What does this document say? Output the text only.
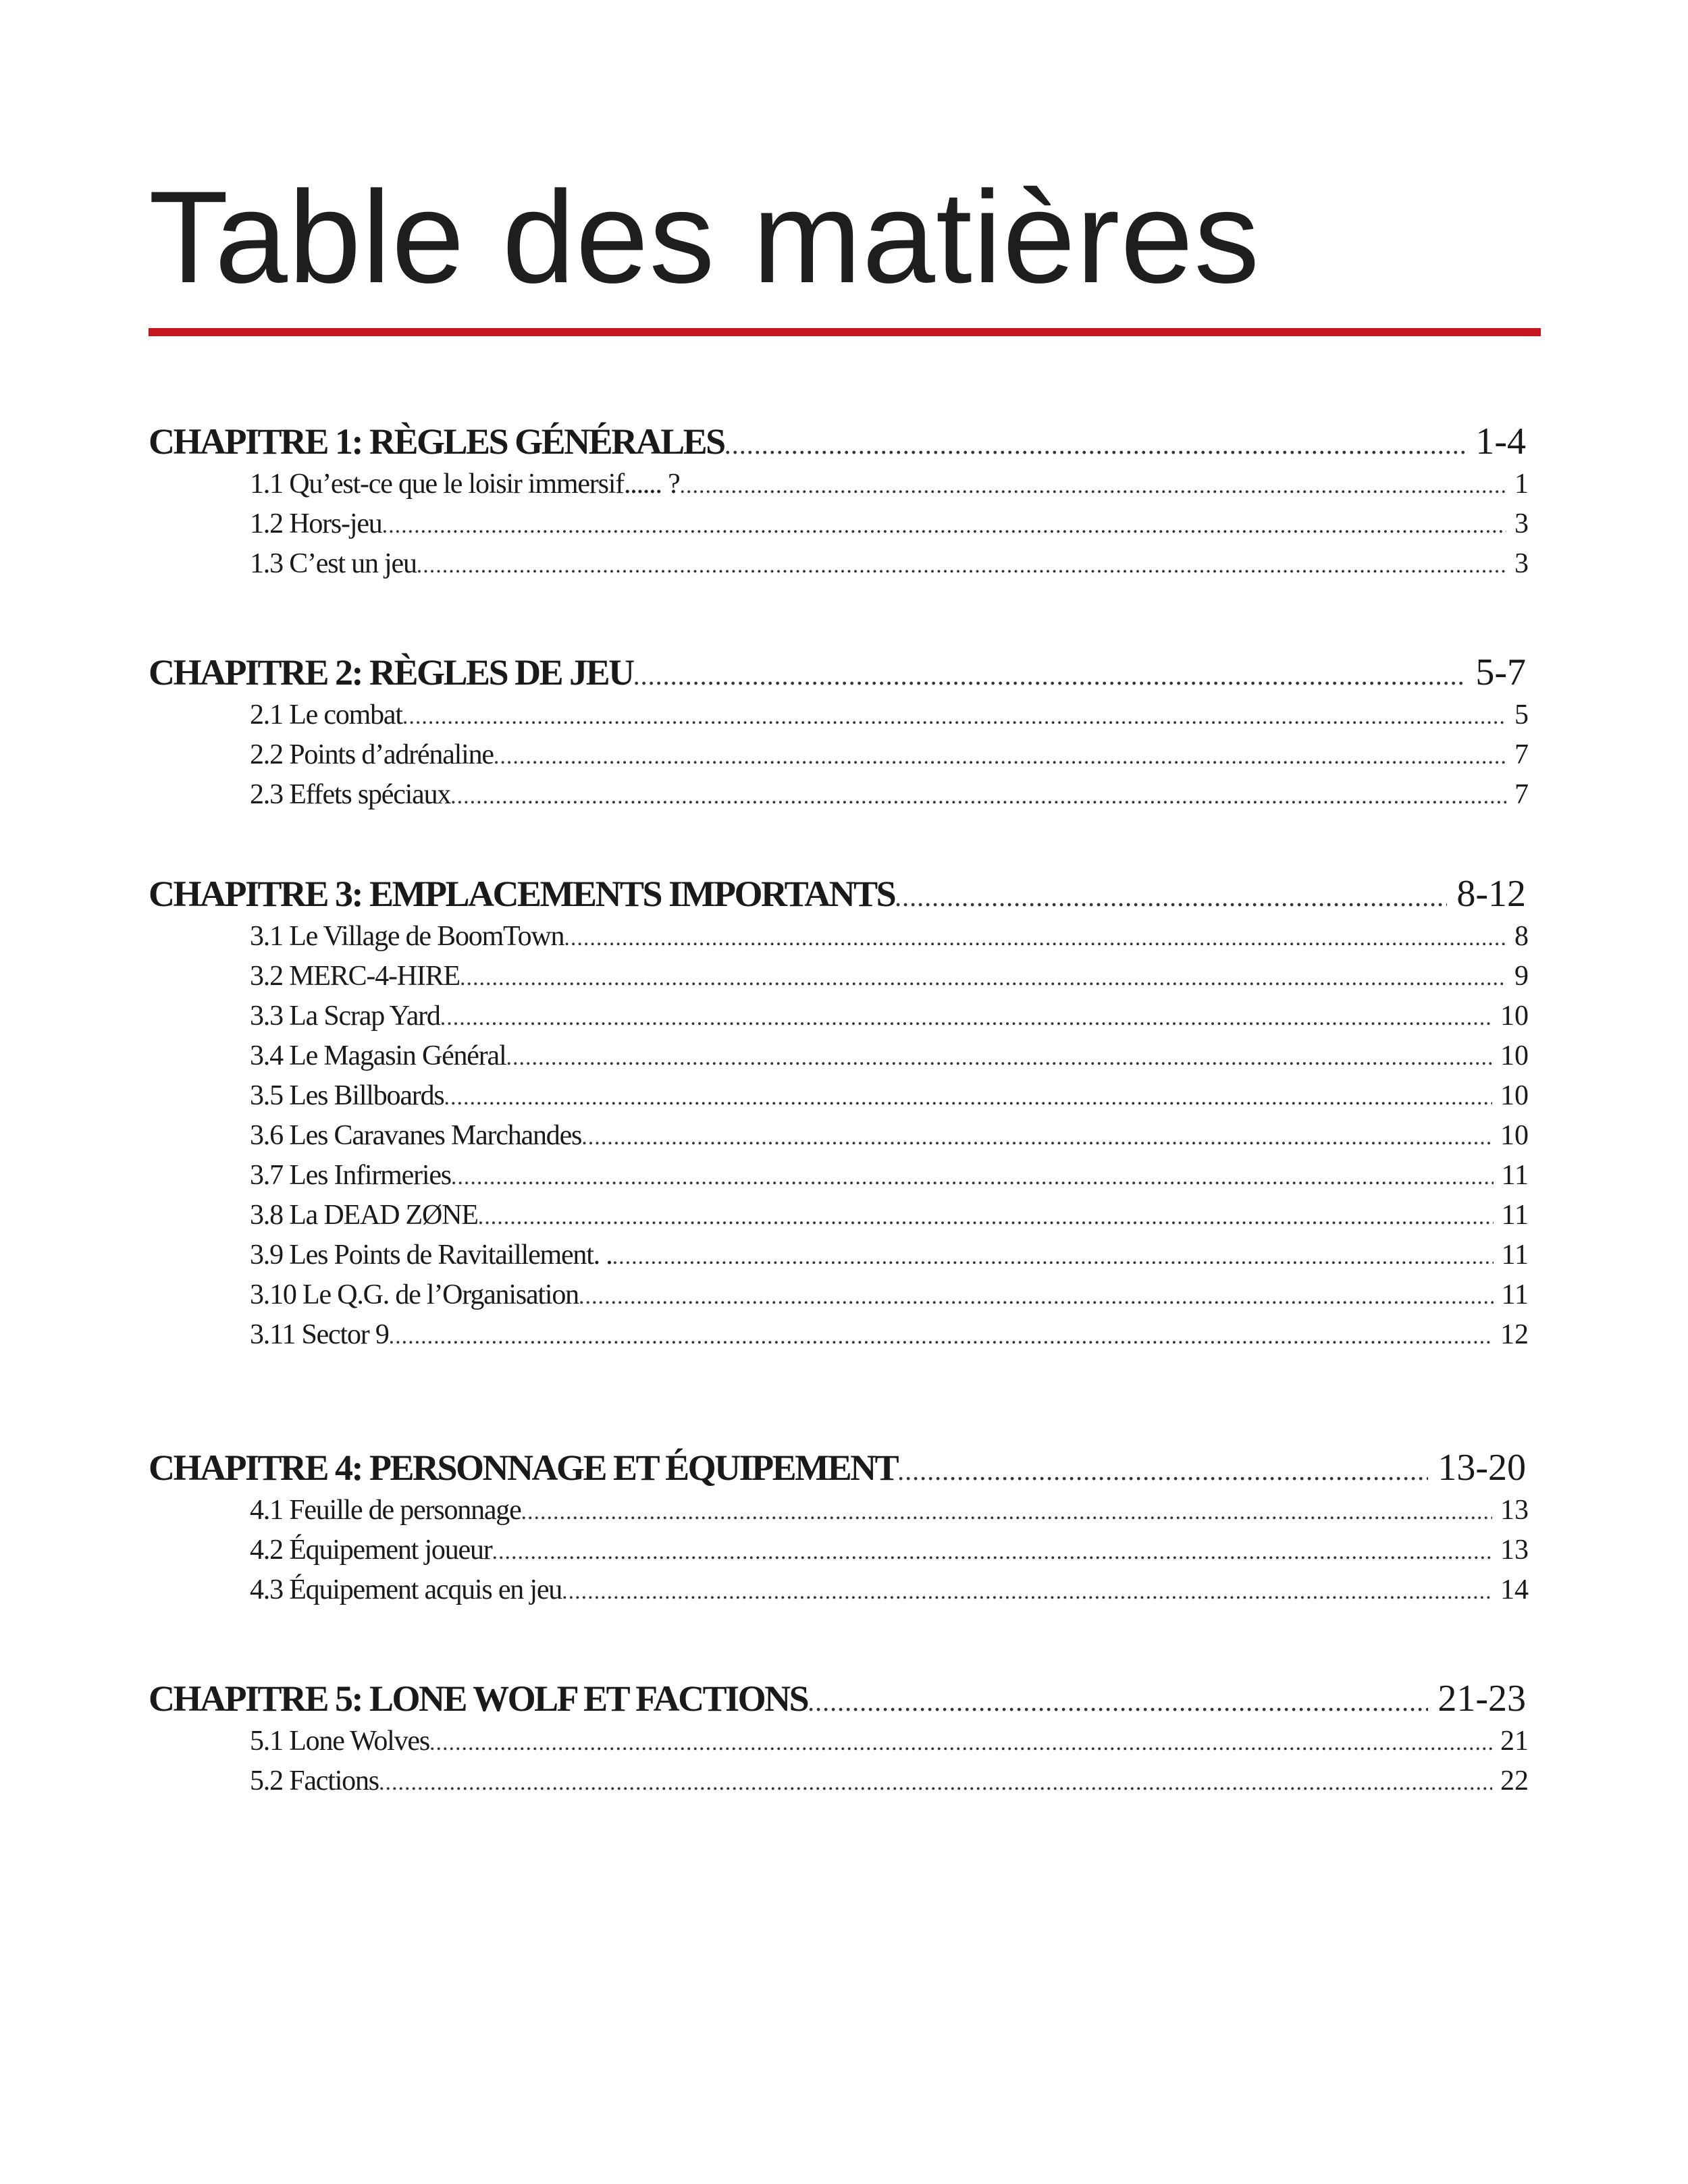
Table des matières
CHAPITRE 1: RÈGLES GÉNÉRALES .....	1-4
1.1 Qu’est-ce que le loisir immersif...... ? .....	1
1.2 Hors-jeu .....	3
1.3 C’est un jeu .....	3
CHAPITRE 2: RÈGLES DE JEU .....	5-7
2.1 Le combat .....	5
2.2 Points d’adrénaline .....	7
2.3 Effets spéciaux .....	7
CHAPITRE 3: EMPLACEMENTS IMPORTANTS .....	8-12
3.1 Le Village de BoomTown .....	8
3.2 MERC-4-HIRE .....	9
3.3 La Scrap Yard .....	10
3.4 Le Magasin Général .....	10
3.5 Les Billboards .....	10
3.6 Les Caravanes Marchandes .....	10
3.7 Les Infirmeries .....	11
3.8 La DEAD ZØNE .....	11
3.9 Les Points de Ravitaillement. . .....	11
3.10 Le Q.G. de l’Organisation .....	11
3.11 Sector 9 .....	12
CHAPITRE 4: PERSONNAGE ET ÉQUIPEMENT .....	13-20
4.1 Feuille de personnage .....	13
4.2 Équipement joueur .....	13
4.3 Équipement acquis en jeu .....	14
CHAPITRE 5: LONE WOLF ET FACTIONS .....	21-23
5.1 Lone Wolves .....	21
5.2 Factions .....	22
